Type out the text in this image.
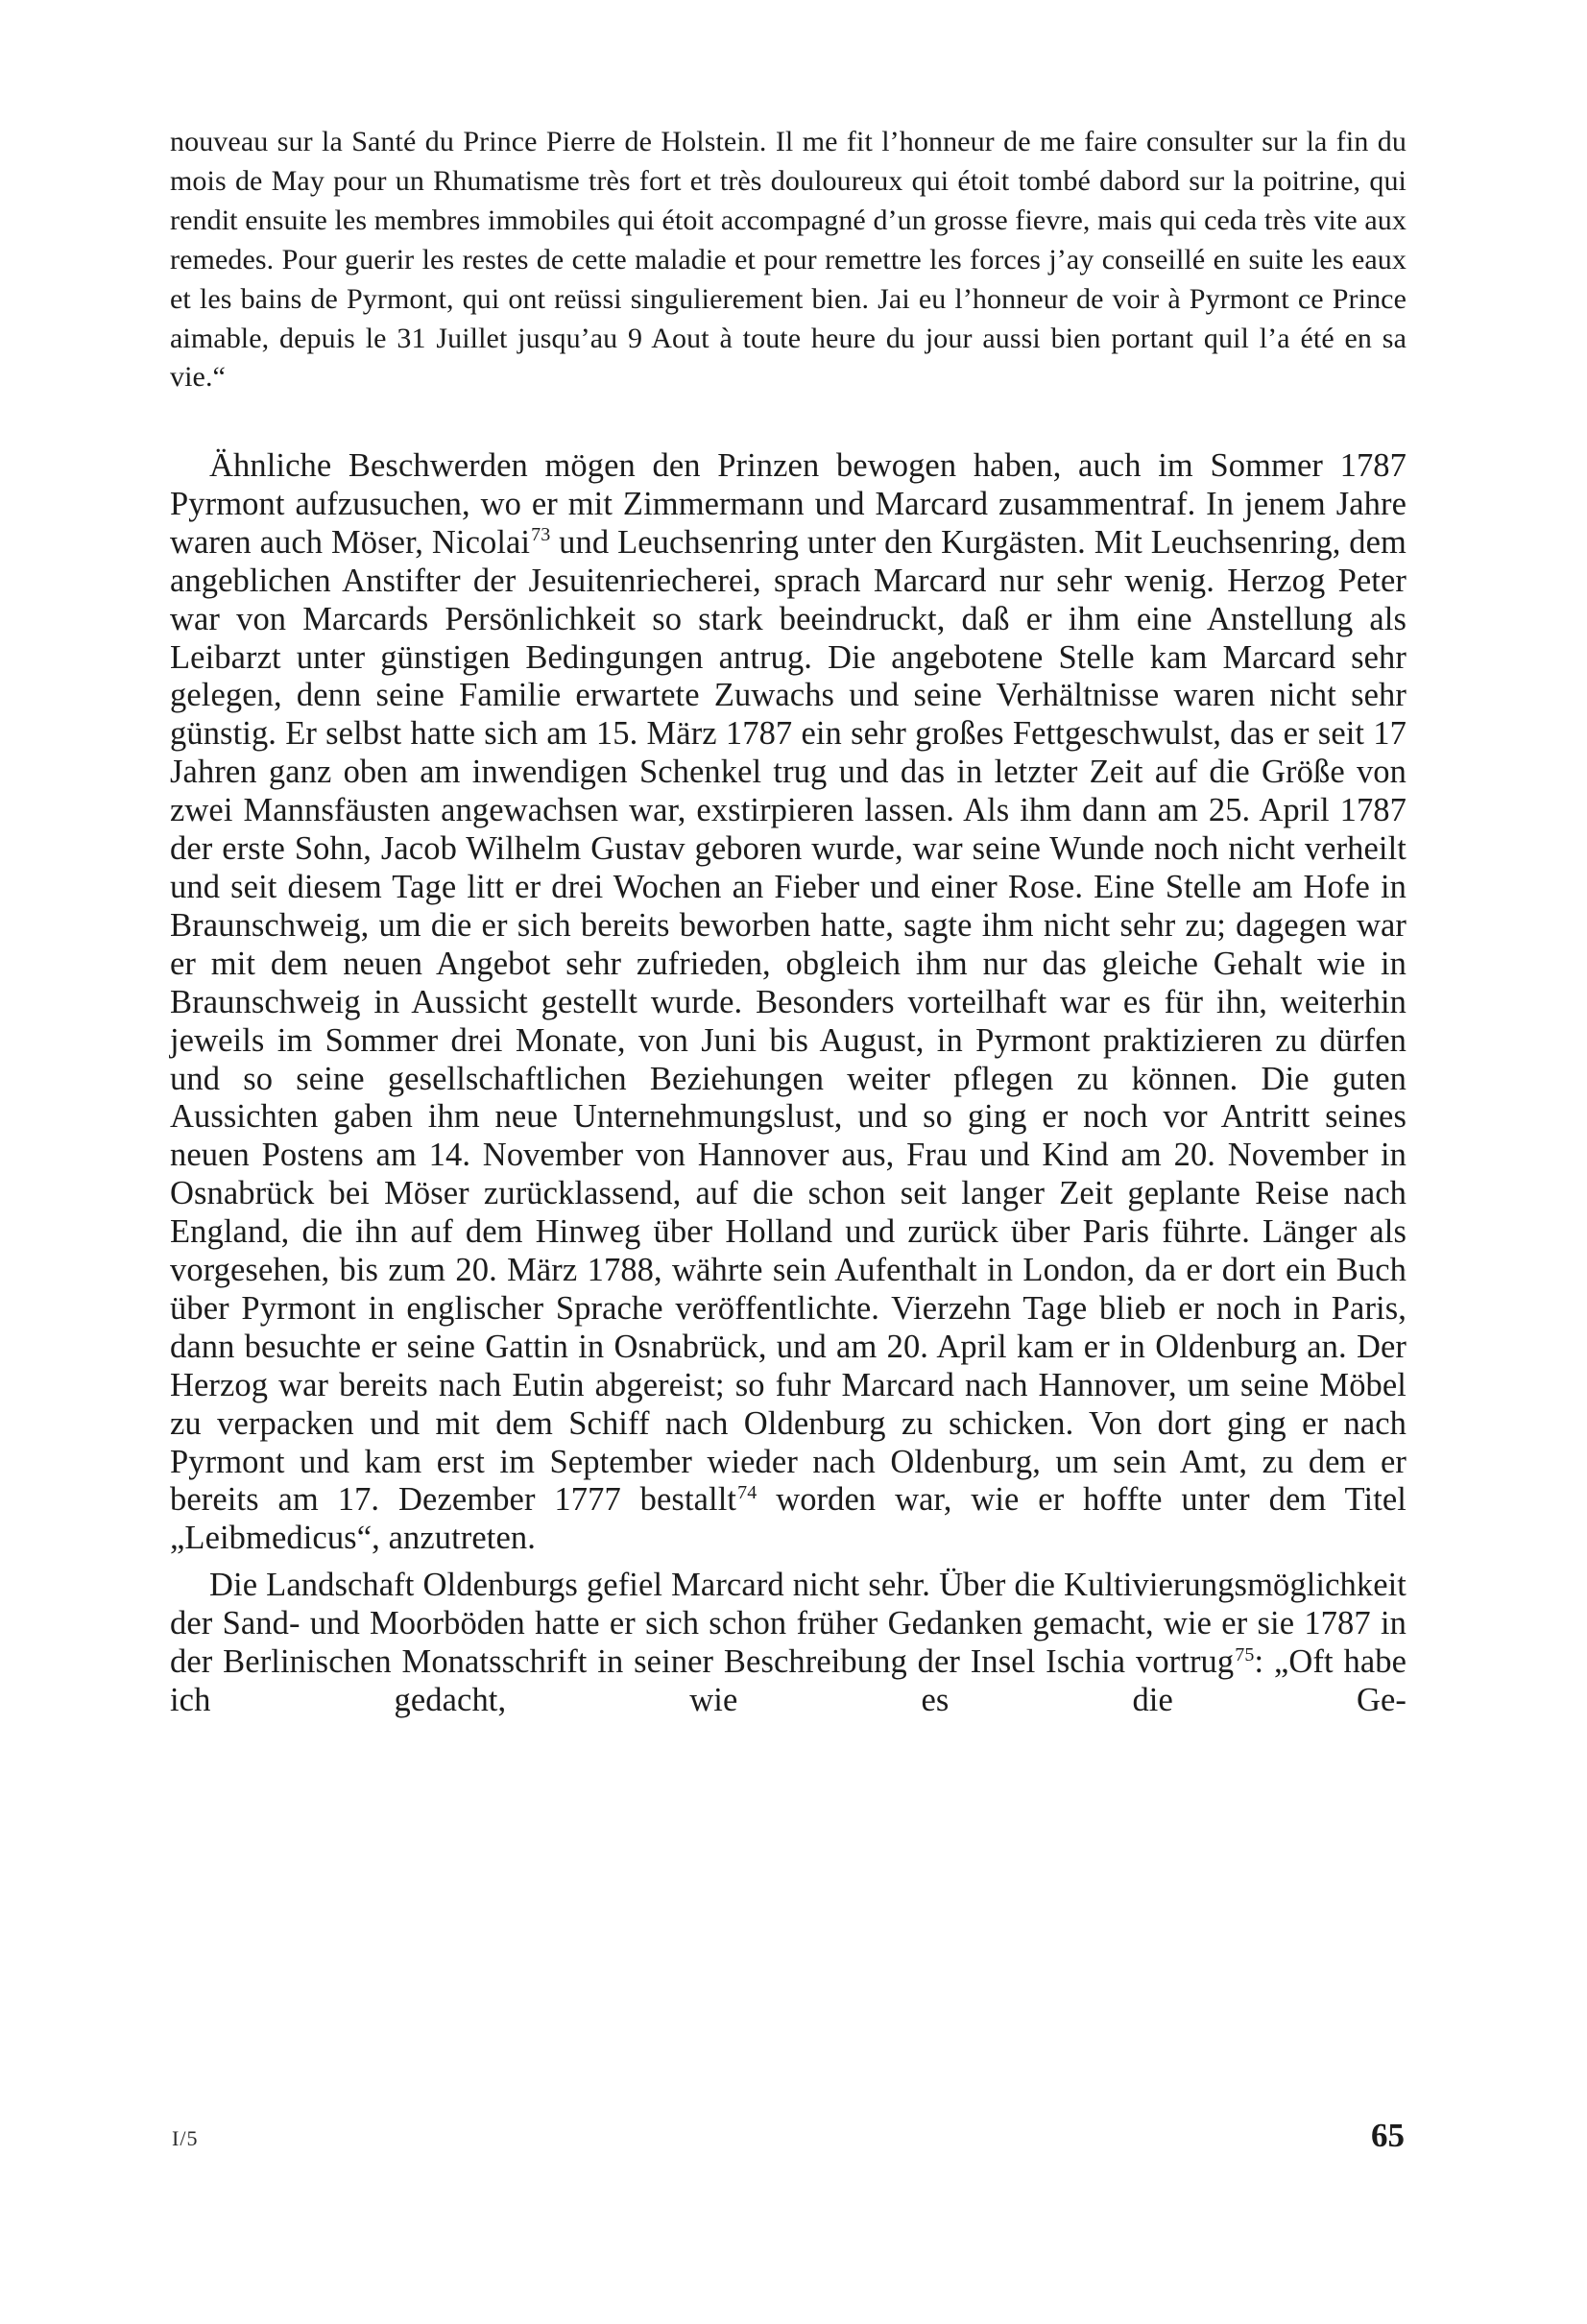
nouveau sur la Santé du Prince Pierre de Holstein. Il me fit l’honneur de me faire consulter sur la fin du mois de May pour un Rhumatisme très fort et très douloureux qui étoit tombé dabord sur la poitrine, qui rendit ensuite les membres immobiles qui étoit accompagné d’un grosse fievre, mais qui ceda très vite aux remedes. Pour guerir les restes de cette maladie et pour remettre les forces j’ay conseillé en suite les eaux et les bains de Pyrmont, qui ont reüssi singulierement bien. Jai eu l’honneur de voir à Pyrmont ce Prince aimable, depuis le 31 Juillet jusqu’au 9 Aout à toute heure du jour aussi bien portant quil l’a été en sa vie.“

Ähnliche Beschwerden mögen den Prinzen bewogen haben, auch im Sommer 1787 Pyrmont aufzusuchen, wo er mit Zimmermann und Marcard zusammentraf. In jenem Jahre waren auch Möser, Nicolai$^{73}$ und Leuchsenring unter den Kurgästen. Mit Leuchsenring, dem angeblichen Anstifter der Jesuitenriecherei, sprach Marcard nur sehr wenig. Herzog Peter war von Marcards Persönlichkeit so stark beeindruckt, daß er ihm eine Anstellung als Leibarzt unter günstigen Bedingungen antrug. Die angebotene Stelle kam Marcard sehr gelegen, denn seine Familie erwartete Zuwachs und seine Verhältnisse waren nicht sehr günstig. Er selbst hatte sich am 15. März 1787 ein sehr großes Fettgeschwulst, das er seit 17 Jahren ganz oben am inwendigen Schenkel trug und das in letzter Zeit auf die Größe von zwei Mannsfäusten angewachsen war, exstirpieren lassen. Als ihm dann am 25. April 1787 der erste Sohn, Jacob Wilhelm Gustav geboren wurde, war seine Wunde noch nicht verheilt und seit diesem Tage litt er drei Wochen an Fieber und einer Rose. Eine Stelle am Hofe in Braunschweig, um die er sich bereits beworben hatte, sagte ihm nicht sehr zu; dagegen war er mit dem neuen Angebot sehr zufrieden, obgleich ihm nur das gleiche Gehalt wie in Braunschweig in Aussicht gestellt wurde. Besonders vorteilhaft war es für ihn, weiterhin jeweils im Sommer drei Monate, von Juni bis August, in Pyrmont praktizieren zu dürfen und so seine gesellschaftlichen Beziehungen weiter pflegen zu können. Die guten Aussichten gaben ihm neue Unternehmungslust, und so ging er noch vor Antritt seines neuen Postens am 14. November von Hannover aus, Frau und Kind am 20. November in Osnabrück bei Möser zurücklassend, auf die schon seit langer Zeit geplante Reise nach England, die ihn auf dem Hinweg über Holland und zurück über Paris führte. Länger als vorgesehen, bis zum 20. März 1788, währte sein Aufenthalt in London, da er dort ein Buch über Pyrmont in englischer Sprache veröffentlichte. Vierzehn Tage blieb er noch in Paris, dann besuchte er seine Gattin in Osnabrück, und am 20. April kam er in Oldenburg an. Der Herzog war bereits nach Eutin abgereist; so fuhr Marcard nach Hannover, um seine Möbel zu verpacken und mit dem Schiff nach Oldenburg zu schicken. Von dort ging er nach Pyrmont und kam erst im September wieder nach Oldenburg, um sein Amt, zu dem er bereits am 17. Dezember 1777 bestallt$^{74}$ worden war, wie er hoffte unter dem Titel „Leibmedicus“, anzutreten.

Die Landschaft Oldenburgs gefiel Marcard nicht sehr. Über die Kultivierungsmöglichkeit der Sand- und Moorböden hatte er sich schon früher Gedanken gemacht, wie er sie 1787 in der Berlinischen Monatsschrift in seiner Beschreibung der Insel Ischia vortrug$^{75}$: „Oft habe ich gedacht, wie es die Ge-

I/5	65
